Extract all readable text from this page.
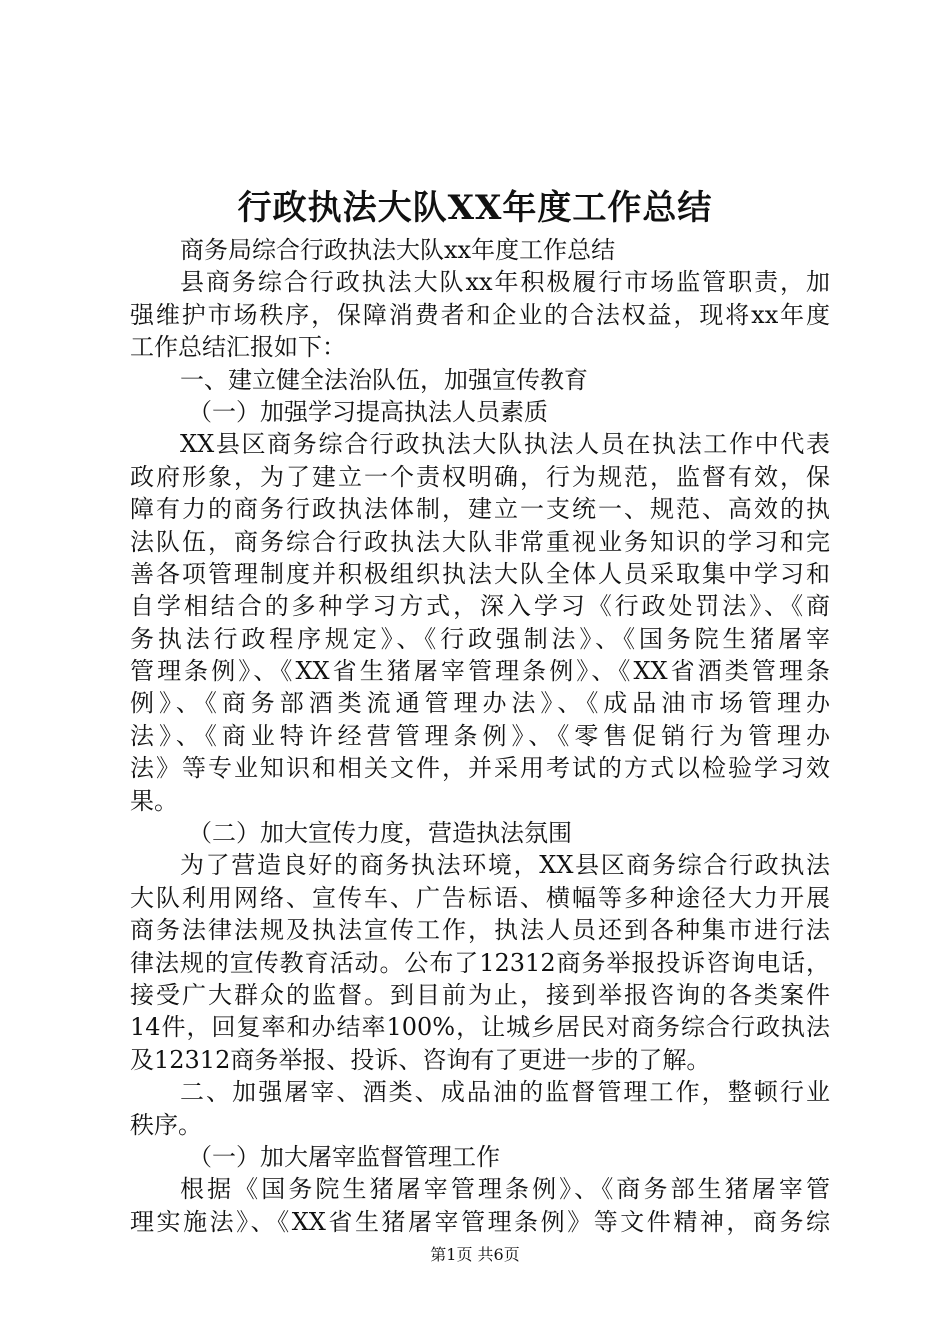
行政执法大队XX年度工作总结
商务局综合行政执法大队xx年度工作总结
县商务综合行政执法大队xx年积极履行市场监管职责，加
强维护市场秩序，保障消费者和企业的合法权益，现将xx年度
工作总结汇报如下：
一、建立健全法治队伍，加强宣传教育
（一）加强学习提高执法人员素质
XX县区商务综合行政执法大队执法人员在执法工作中代表
政府形象，为了建立一个责权明确，行为规范，监督有效，保
障有力的商务行政执法体制，建立一支统一、规范、高效的执
法队伍，商务综合行政执法大队非常重视业务知识的学习和完
善各项管理制度并积极组织执法大队全体人员采取集中学习和
自学相结合的多种学习方式，深入学习《行政处罚法》、《商
务执法行政程序规定》、《行政强制法》、《国务院生猪屠宰
管理条例》、《XX省生猪屠宰管理条例》、《XX省酒类管理条
例》、《商务部酒类流通管理办法》、《成品油市场管理办
法》、《商业特许经营管理条例》、《零售促销行为管理办
法》等专业知识和相关文件，并采用考试的方式以检验学习效
果。
（二）加大宣传力度，营造执法氛围
为了营造良好的商务执法环境，XX县区商务综合行政执法
大队利用网络、宣传车、广告标语、横幅等多种途径大力开展
商务法律法规及执法宣传工作，执法人员还到各种集市进行法
律法规的宣传教育活动。公布了12312商务举报投诉咨询电话，
接受广大群众的监督。到目前为止，接到举报咨询的各类案件
14件，回复率和办结率100%，让城乡居民对商务综合行政执法
及12312商务举报、投诉、咨询有了更进一步的了解。
二、加强屠宰、酒类、成品油的监督管理工作，整顿行业
秩序。
（一）加大屠宰监督管理工作
根据《国务院生猪屠宰管理条例》、《商务部生猪屠宰管
理实施法》、《XX省生猪屠宰管理条例》等文件精神，商务综
第1页 共6页
